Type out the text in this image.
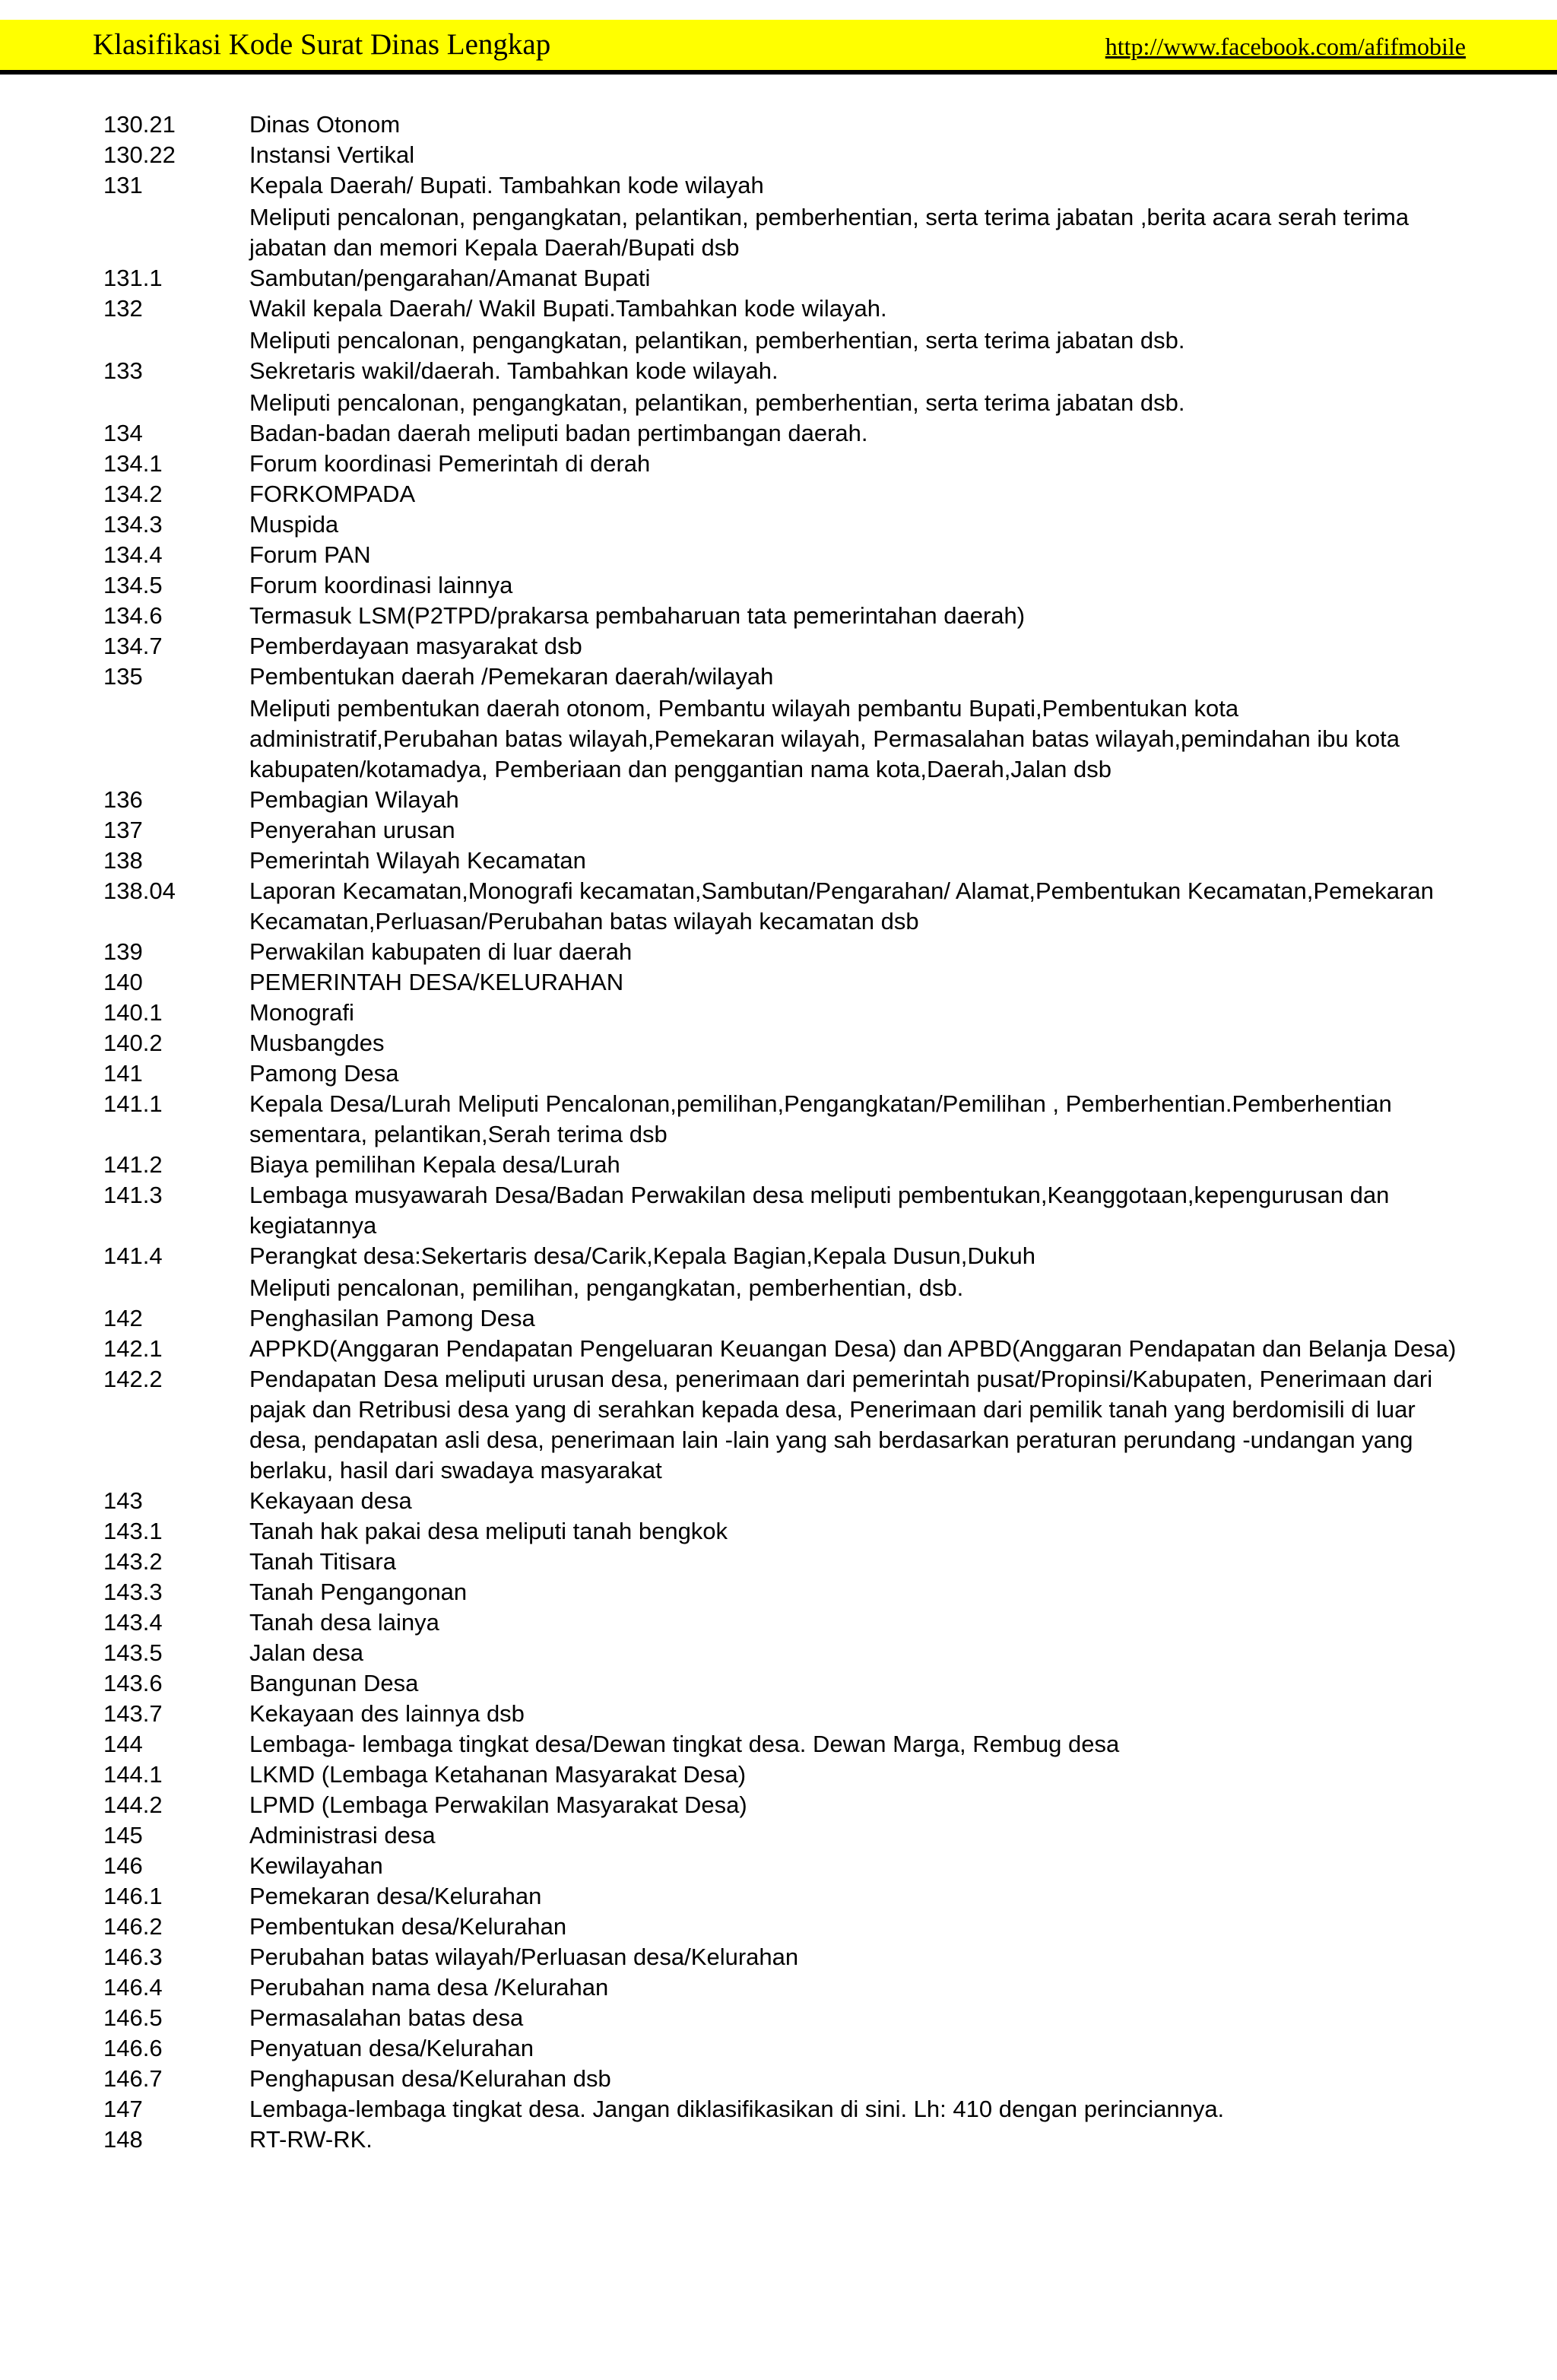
Klasifikasi Kode Surat Dinas Lengkap	http://www.facebook.com/afifmobile
130.21	Dinas Otonom
130.22	Instansi Vertikal
131	Kepala Daerah/ Bupati. Tambahkan kode wilayah
Meliputi pencalonan, pengangkatan, pelantikan, pemberhentian, serta terima jabatan ,berita acara serah terima jabatan dan memori Kepala Daerah/Bupati dsb
131.1	Sambutan/pengarahan/Amanat Bupati
132	Wakil kepala Daerah/ Wakil Bupati.Tambahkan kode wilayah.
Meliputi pencalonan, pengangkatan, pelantikan, pemberhentian, serta terima jabatan dsb.
133	Sekretaris wakil/daerah. Tambahkan kode wilayah.
Meliputi pencalonan, pengangkatan, pelantikan, pemberhentian, serta terima jabatan dsb.
134	Badan-badan daerah meliputi badan pertimbangan daerah.
134.1	Forum koordinasi Pemerintah di derah
134.2	FORKOMPADA
134.3	Muspida
134.4	Forum PAN
134.5	Forum koordinasi lainnya
134.6	Termasuk LSM(P2TPD/prakarsa pembaharuan tata pemerintahan daerah)
134.7	Pemberdayaan masyarakat dsb
135	Pembentukan daerah /Pemekaran daerah/wilayah
Meliputi pembentukan daerah otonom, Pembantu wilayah pembantu Bupati,Pembentukan kota administratif,Perubahan batas wilayah,Pemekaran wilayah, Permasalahan batas wilayah,pemindahan ibu kota kabupaten/kotamadya, Pemberiaan dan penggantian nama kota,Daerah,Jalan dsb
136	Pembagian Wilayah
137	Penyerahan urusan
138	Pemerintah Wilayah Kecamatan
138.04	Laporan Kecamatan,Monografi kecamatan,Sambutan/Pengarahan/ Alamat,Pembentukan Kecamatan,Pemekaran Kecamatan,Perluasan/Perubahan batas wilayah kecamatan dsb
139	Perwakilan kabupaten di luar daerah
140	PEMERINTAH DESA/KELURAHAN
140.1	Monografi
140.2	Musbangdes
141	Pamong Desa
141.1	Kepala Desa/Lurah Meliputi Pencalonan,pemilihan,Pengangkatan/Pemilihan , Pemberhentian.Pemberhentian sementara, pelantikan,Serah terima dsb
141.2	Biaya pemilihan Kepala desa/Lurah
141.3	Lembaga musyawarah Desa/Badan Perwakilan desa meliputi pembentukan,Keanggotaan,kepengurusan dan kegiatannya
141.4	Perangkat desa:Sekertaris desa/Carik,Kepala Bagian,Kepala Dusun,Dukuh
Meliputi pencalonan, pemilihan, pengangkatan, pemberhentian, dsb.
142	Penghasilan Pamong Desa
142.1	APPKD(Anggaran Pendapatan Pengeluaran Keuangan Desa) dan APBD(Anggaran Pendapatan dan Belanja Desa)
142.2	Pendapatan Desa meliputi urusan desa, penerimaan dari pemerintah pusat/Propinsi/Kabupaten, Penerimaan dari pajak dan Retribusi desa yang di serahkan kepada desa, Penerimaan dari pemilik tanah yang berdomisili di luar desa, pendapatan asli desa, penerimaan lain -lain yang sah berdasarkan peraturan perundang -undangan yang berlaku, hasil dari swadaya masyarakat
143	Kekayaan desa
143.1	Tanah hak pakai desa meliputi tanah bengkok
143.2	Tanah Titisara
143.3	Tanah Pengangonan
143.4	Tanah desa lainya
143.5	Jalan desa
143.6	Bangunan Desa
143.7	Kekayaan des lainnya dsb
144	Lembaga- lembaga tingkat desa/Dewan tingkat desa. Dewan Marga, Rembug desa
144.1	LKMD (Lembaga Ketahanan Masyarakat Desa)
144.2	LPMD (Lembaga Perwakilan Masyarakat Desa)
145	Administrasi desa
146	Kewilayahan
146.1	Pemekaran desa/Kelurahan
146.2	Pembentukan desa/Kelurahan
146.3	Perubahan batas wilayah/Perluasan desa/Kelurahan
146.4	Perubahan nama desa /Kelurahan
146.5	Permasalahan batas desa
146.6	Penyatuan desa/Kelurahan
146.7	Penghapusan desa/Kelurahan dsb
147	Lembaga-lembaga tingkat desa. Jangan diklasifikasikan di sini. Lh: 410 dengan perinciannya.
148	RT-RW-RK.
